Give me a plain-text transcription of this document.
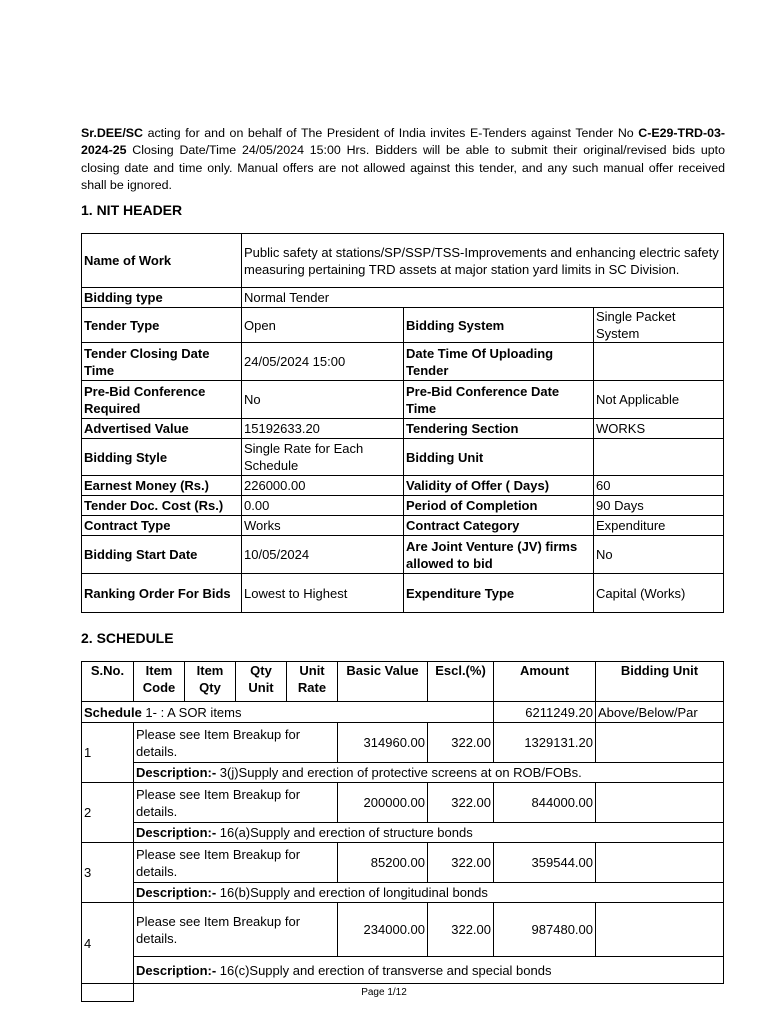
Sr.DEE/SC acting for and on behalf of The President of India invites E-Tenders against Tender No C-E29-TRD-03-2024-25 Closing Date/Time 24/05/2024 15:00 Hrs. Bidders will be able to submit their original/revised bids upto closing date and time only. Manual offers are not allowed against this tender, and any such manual offer received shall be ignored.

1. NIT HEADER
Name of Work	Public safety at stations/SP/SSP/TSS-Improvements and enhancing electric safety measuring pertaining TRD assets at major station yard limits in SC Division.		
Bidding type	Normal Tender		
Tender Type	Open	Bidding System	Single Packet System
Tender Closing Date Time	24/05/2024 15:00	Date Time Of Uploading Tender	
Pre-Bid Conference Required	No	Pre-Bid Conference Date Time	Not Applicable
Advertised Value	15192633.20	Tendering Section	WORKS
Bidding Style	Single Rate for Each Schedule	Bidding Unit	
Earnest Money (Rs.)	226000.00	Validity of Offer ( Days)	60
Tender Doc. Cost (Rs.)	0.00	Period of Completion	90 Days
Contract Type	Works	Contract Category	Expenditure
Bidding Start Date	10/05/2024	Are Joint Venture (JV) firms allowed to bid	No
Ranking Order For Bids	Lowest to Highest	Expenditure Type	Capital (Works)
2. SCHEDULE
S.No.	Item Code	Item Qty	Qty Unit	Unit Rate	Basic Value	Escl.(%)	Amount	Bidding Unit
Schedule 1- : A SOR items							6211249.20	Above/Below/Par
1	Please see Item Breakup for details.				314960.00	322.00	1329131.20	
	Description:- 3(j)Supply and erection of protective screens at on ROB/FOBs.							
2	Please see Item Breakup for details.				200000.00	322.00	844000.00	
	Description:- 16(a)Supply and erection of structure bonds							
3	Please see Item Breakup for details.				85200.00	322.00	359544.00	
	Description:- 16(b)Supply and erection of longitudinal bonds							
4	Please see Item Breakup for details.				234000.00	322.00	987480.00	
	Description:- 16(c)Supply and erection of transverse and special bonds							

Page 1/12
